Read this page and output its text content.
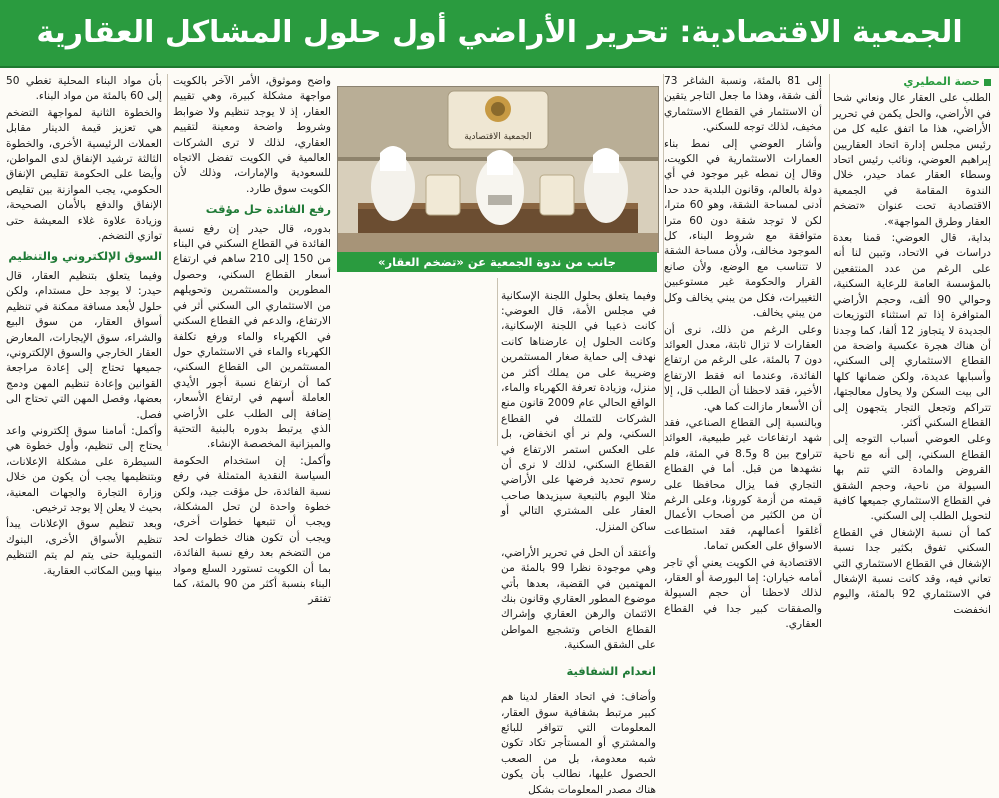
الجمعية الاقتصادية: تحرير الأراضي أول حلول المشاكل العقارية
حصة المطيري

الطلب على العقار عال ونعاني شحا في الأراضي، والحل يكمن في تحرير الأراضي، هذا ما اتفق عليه كل من رئيس مجلس إدارة اتحاد العقاريين إبراهيم العوضي، ونائب رئيس اتحاد وسطاء العقار عماد حيدر، خلال الندوة المقامة في الجمعية الاقتصادية تحت عنوان «تضخم العقار وطرق المواجهة».

بداية، قال العوضي: قمنا بعدة دراسات في الاتحاد، وتبين لنا أنه على الرغم من عدد المنتفعين بالمؤسسة العامة للرعاية السكنية، وحوالي 90 ألف، وحجم الأراضي المتوافرة إذا تم استثناء التوزيعات الجديدة لا يتجاوز 12 ألفا، كما وجدنا أن هناك هجرة عكسية واضحة من القطاع الاستثماري إلى السكني، وأسبابها عديدة، ولكن ضمانها كلها الى بيت السكن ولا يحاول معالجتها، تتراكم وتجعل التجار يتجهون إلى القطاع السكني أكثر.

وعلى العوضي أسباب التوجه إلى القطاع السكني، إلى أنه مع ناحية القروض والمادة التي تتم بها السيولة من ناحية، وحجم الشقق في القطاع الاستثماري جميعها كافية لتحويل الطلب إلى السكني.

كما أن نسبة الإشغال في القطاع السكني تفوق بكثير جدا نسبة الإشغال في القطاع الاستثماري التي تعاني فيه، وقد كانت نسبة الإشغال في الاستثماري 92 بالمئة، واليوم انخفضت

إلى 81 بالمئة، ونسبة الشاغر 73 ألف شقة، وهذا ما جعل التاجر يتقين أن الاستثمار في القطاع الاستثماري مخيف، لذلك توجه للسكني.

وأشار العوضي إلى نمط بناء العمارات الاستثمارية في الكويت، وقال إن نمطه غير موجود في أي دولة بالعالم، وقانون البلدية حدد حدا أدنى لمساحة الشقة، وهو 60 مترا، لكن لا توجد شقة دون 60 مترا متوافقة مع شروط البناء، كل الموجود مخالف، ولأن مساحة الشقة لا تتناسب مع الوضع، ولأن صانع القرار والحكومة غير مستوعبين التغييرات، فكل من يبني يخالف وكل من يبني يخالف.

وعلى الرغم من ذلك، نرى أن العقارات لا تزال ثابتة، معدل العوائد دون 7 بالمئة، على الرغم من ارتفاع الفائدة، وعندما انه فقط الارتفاع الأخير، فقد لاحظنا أن الطلب قل، إلا أن الأسعار مازالت كما هي.

وبالنسبة إلى القطاع الصناعي، فقد شهد ارتفاعات غير طبيعية، العوائد تتراوح بين 8 و8.5 في المئة، فلم نشهدها من قبل. أما في القطاع التجاري فما يزال محافظا على قيمته من أزمة كورونا، وعلى الرغم أن من الكثير من أصحاب الأعمال أغلقوا أعمالهم، فقد استطاعت الاسواق على العكس تماما.

الاقتصادية في الكويت يعني أي تاجر أمامه خياران: إما البورصة أو العقار، لذلك لاحظنا أن حجم السيولة والصفقات كبير جدا في القطاع العقاري.

الجمعية الاقتصادية
جانب من ندوة الجمعية عن «تضخم العقار»

وفيما يتعلق بحلول اللجنة الإسكانية في مجلس الأمة، قال العوضي: كانت ذعيبا في اللجنة الإسكانية، وكانت الحلول إن عارضناها كانت نهدف إلى حماية صغار المستثمرين وضريبة على من يملك أكثر من منزل، وزيادة تعرفة الكهرباء والماء، الواقع الحالي عام 2009 قانون منع الشركات للتملك في القطاع السكني، ولم نر أي انخفاض، بل على العكس استمر الارتفاع في القطاع السكني، لذلك لا نرى أن رسوم تحديد فرضها على الأراضي مثلا اليوم بالتبعية سيزيدها صاحب العقار على المشتري التالي أو ساكن المنزل.

وأعتقد أن الحل في تحرير الأراضي، وهي موجودة نظرا 99 بالمئة من المهتمين في القضية، بعدها بأتي موضوع المطور العقاري وقانون بنك الائتمان والرهن العقاري وإشراك القطاع الخاص وتشجيع المواطن على الشقق السكنية.

انعدام الشفافية

وأضاف: في اتحاد العقار لدينا هم كبير مرتبط بشفافية سوق العقار، المعلومات التي تتوافر للبائع والمشتري أو المستأجر تكاد تكون شبه معدومة، بل من الصعب الحصول عليها، نطالب بأن يكون هناك مصدر المعلومات بشكل

واضح وموثوق، الأمر الآخر بالكويت مواجهة مشكلة كبيرة، وهي تقييم العقار، إذ لا يوجد تنظيم ولا ضوابط وشروط واضحة ومعينة لتقييم العقاري، لذلك لا ترى الشركات العالمية في الكويت تفضل الاتجاه للسعودية والإمارات، وذلك لأن الكويت سوق طارد.

رفع الفائدة حل مؤقت

بدوره، قال حيدر إن رفع نسبة الفائدة في القطاع السكني في البناء من 150 إلى 210 ساهم في ارتفاع أسعار القطاع السكني، وحصول المطورين والمستثمرين وتحويلهم من الاستثماري الى السكني أثر في الارتفاع، والدعم في القطاع السكني في الكهرباء والماء ورفع تكلفة الكهرباء والماء في الاستثماري حول المستثمرين الى القطاع السكني، كما أن ارتفاع نسبة أجور الأيدي العاملة أسهم في ارتفاع الأسعار، إضافة إلى الطلب على الأراضي الذي يرتبط بدوره بالبنية التحتية والميزانية المخصصة الإنشاء.

وأكمل: إن استخدام الحكومة السياسة النقدية المتمثلة في رفع نسبة الفائدة، حل مؤقت جيد، ولكن خطوة واحدة لن تحل المشكلة، ويجب أن تتبعها خطوات أخرى، ويجب أن تكون هناك خطوات لحد من التضخم بعد رفع نسبة الفائدة، بما أن الكويت تستورد السلع ومواد البناء بنسبة أكثر من 90 بالمئة، كما تفتقر

بأن مواد البناء المحلية تغطي 50 إلى 60 بالمئة من مواد البناء.

والخطوة الثانية لمواجهة التضخم هي تعزيز قيمة الدينار مقابل العملات الرئيسية الأخرى، والخطوة الثالثة ترشيد الإنفاق لدى المواطن، وأيضا على الحكومة تقليص الإنفاق الحكومي، يجب الموازنة بين تقليص الإنفاق والدفع بالأمان الصحيحة، وزيادة علاوة غلاء المعيشة حتى توازي التضخم.

السوق الإلكتروني والتنظيم

وفيما يتعلق بتنظيم العقار، قال حيدر: لا يوجد حل مستدام، ولكن حلول لأبعد مسافة ممكنة في تنظيم أسواق العقار، من سوق البيع والشراء، سوق الإيجارات، المعارض العقار الخارجي والسوق الإلكتروني، جميعها تحتاج إلى إعادة مراجعة القوانين وإعادة تنظيم المهن ودمج بعضها، وفصل المهن التي تحتاج الى فصل.

وأكمل: أمامنا سوق إلكتروني واعد يحتاج إلى تنظيم، وأول خطوة هي السيطرة على مشكلة الإعلانات، وبتنظيمها يجب أن يكون من خلال وزارة التجارة والجهات المعنية، بحيث لا يعلن إلا يوجد ترخيص.

وبعد تنظيم سوق الإعلانات يبدأ تنظيم الأسواق الأخرى، البنوك التمويلية حتى يتم لم يتم التنظيم بينها وبين المكاتب العقارية.
